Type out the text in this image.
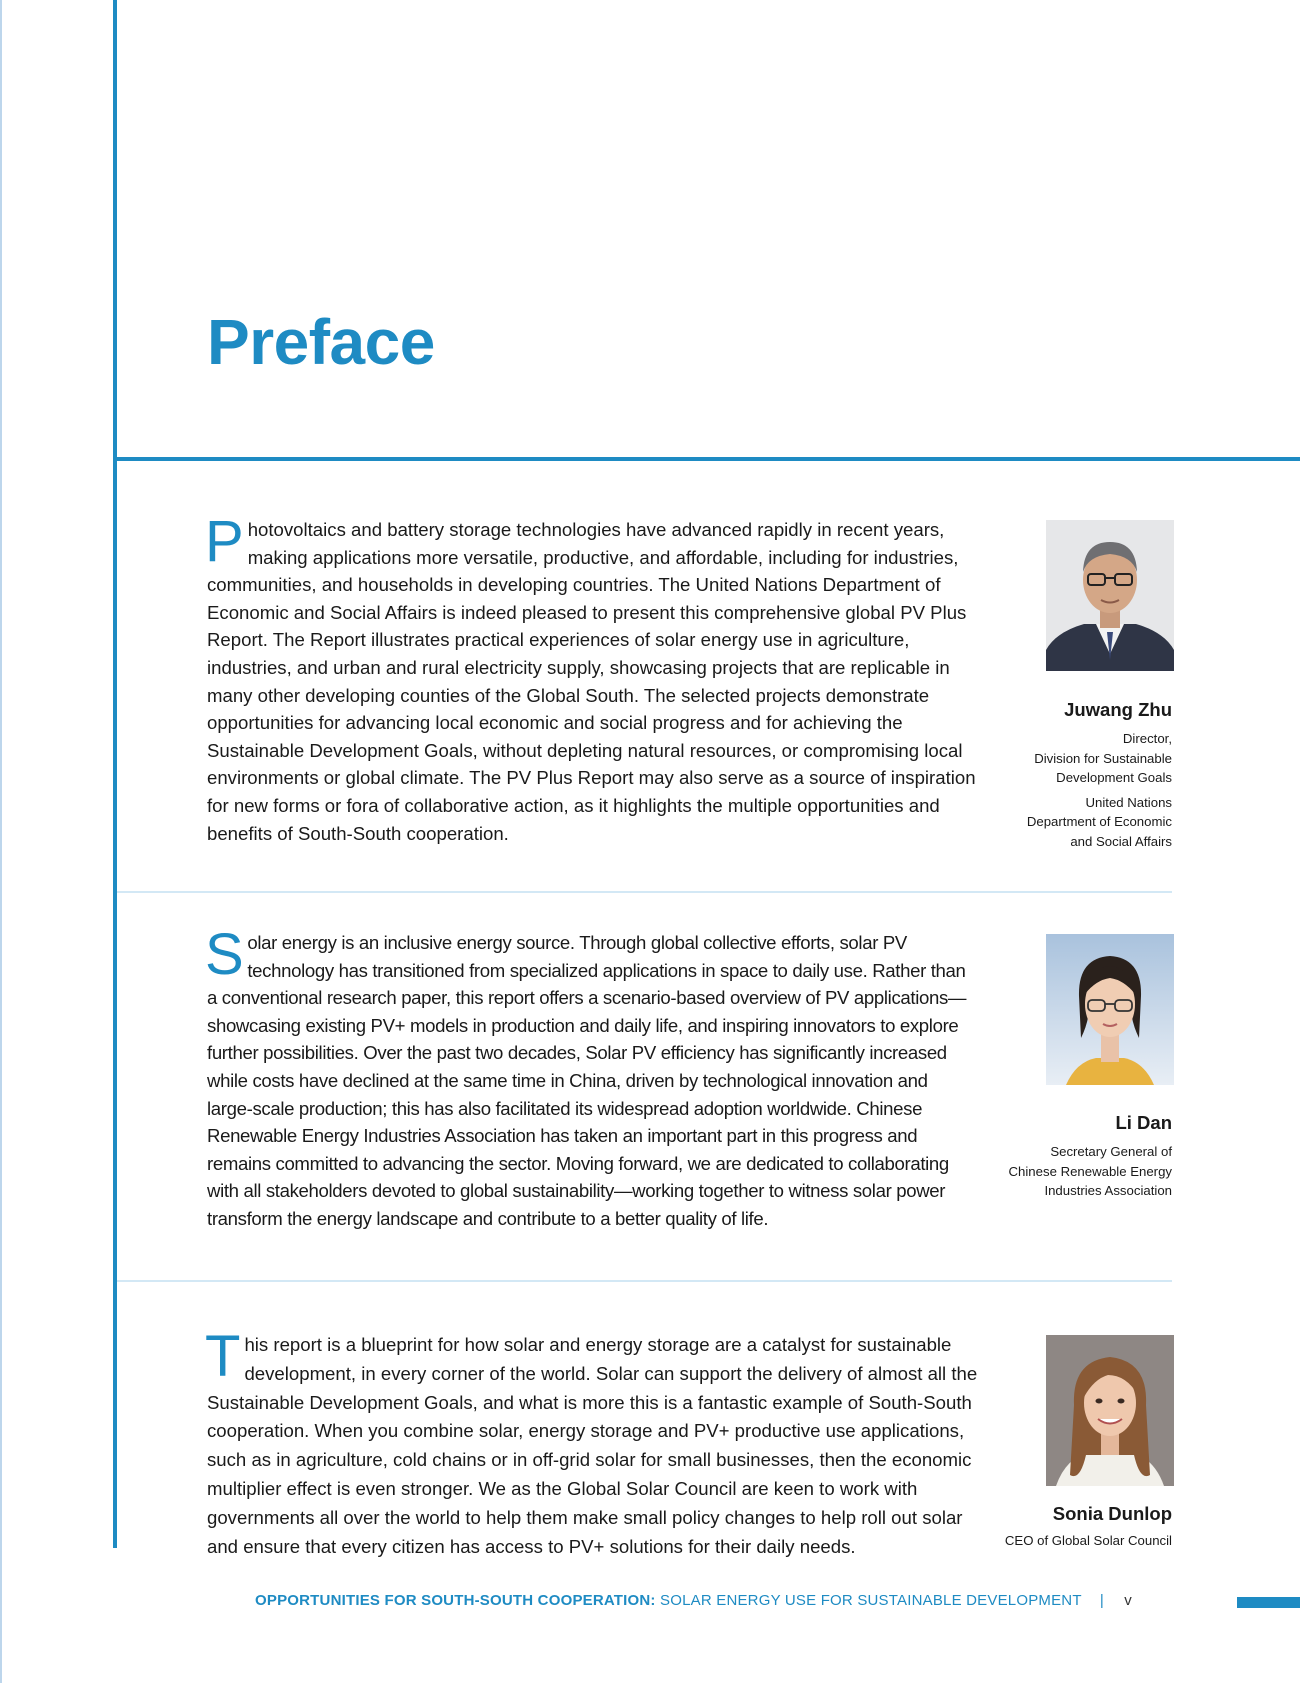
Preface

Photovoltaics and battery storage technologies have advanced rapidly in recent years, making applications more versatile, productive, and affordable, including for industries, communities, and households in developing countries. The United Nations Department of Economic and Social Affairs is indeed pleased to present this comprehensive global PV Plus Report. The Report illustrates practical experiences of solar energy use in agriculture, industries, and urban and rural electricity supply, showcasing projects that are replicable in many other developing counties of the Global South. The selected projects demonstrate opportunities for advancing local economic and social progress and for achieving the Sustainable Development Goals, without depleting natural resources, or compromising local environments or global climate. The PV Plus Report may also serve as a source of inspiration for new forms or fora of collaborative action, as it highlights the multiple opportunities and benefits of South-South cooperation.

Juwang Zhu

Director,
Division for Sustainable
Development Goals

United Nations
Department of Economic
and Social Affairs

Solar energy is an inclusive energy source. Through global collective efforts, solar PV technology has transitioned from specialized applications in space to daily use. Rather than a conventional research paper, this report offers a scenario-based overview of PV applications—showcasing existing PV+ models in production and daily life, and inspiring innovators to explore further possibilities. Over the past two decades, Solar PV efficiency has significantly increased while costs have declined at the same time in China, driven by technological innovation and large-scale production; this has also facilitated its widespread adoption worldwide. Chinese Renewable Energy Industries Association has taken an important part in this progress and remains committed to advancing the sector. Moving forward, we are dedicated to collaborating with all stakeholders devoted to global sustainability—working together to witness solar power transform the energy landscape and contribute to a better quality of life.

Li Dan

Secretary General of
Chinese Renewable Energy
Industries Association

This report is a blueprint for how solar and energy storage are a catalyst for sustainable development, in every corner of the world. Solar can support the delivery of almost all the Sustainable Development Goals, and what is more this is a fantastic example of South-South cooperation. When you combine solar, energy storage and PV+ productive use applications, such as in agriculture, cold chains or in off-grid solar for small businesses, then the economic multiplier effect is even stronger. We as the Global Solar Council are keen to work with governments all over the world to help them make small policy changes to help roll out solar and ensure that every citizen has access to PV+ solutions for their daily needs.

Sonia Dunlop

CEO of Global Solar Council

OPPORTUNITIES FOR SOUTH-SOUTH COOPERATION: SOLAR ENERGY USE FOR SUSTAINABLE DEVELOPMENT | v
